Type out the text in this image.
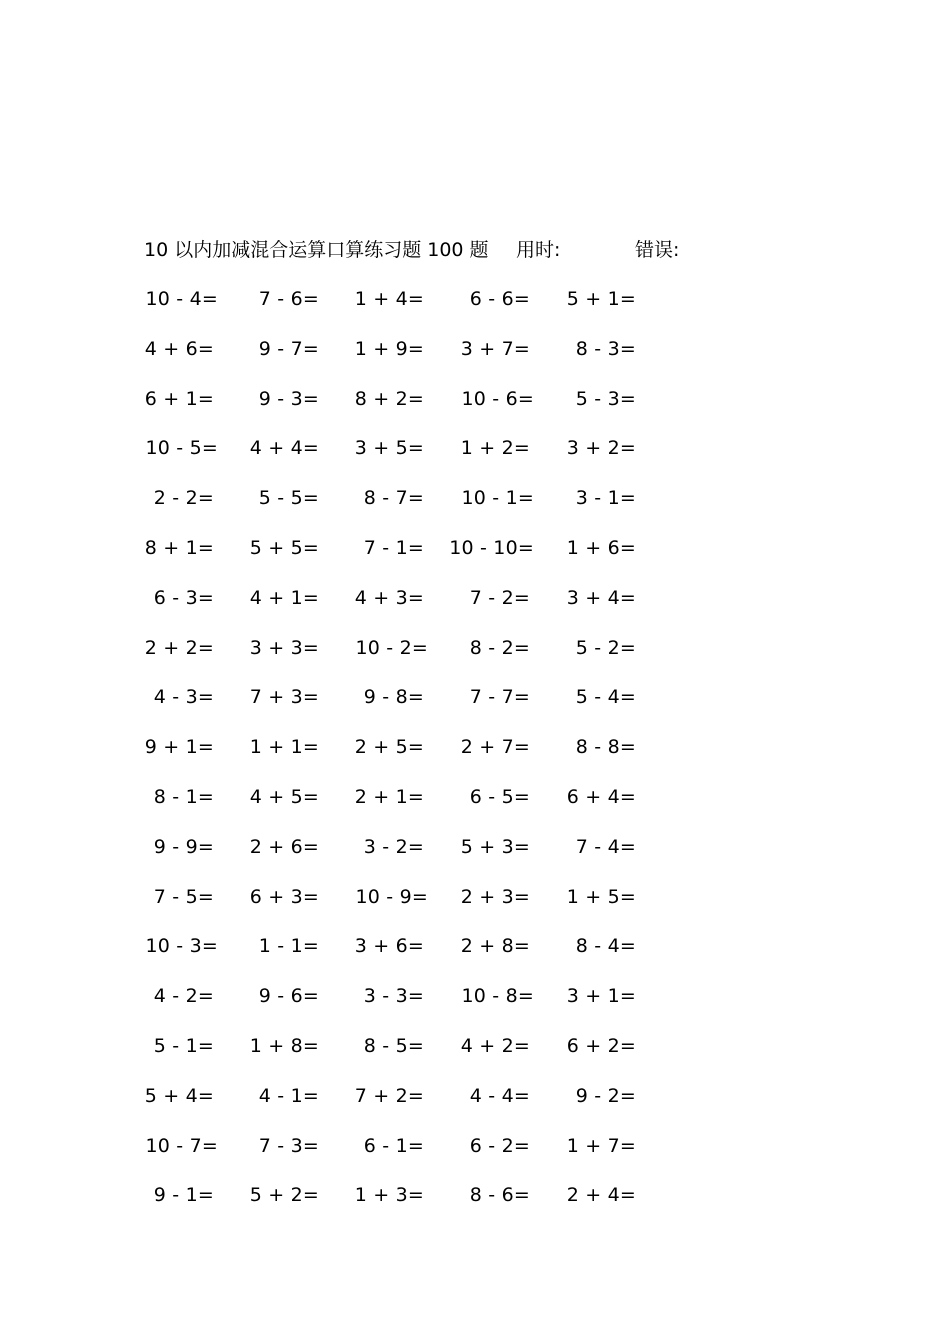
10 以内加减混合运算口算练习题 100 题 用时:	错误:
10 - 4= 7 - 6= 1 + 4= 6 - 6= 5 + 1=
4 + 6= 9 - 7= 1 + 9= 3 + 7= 8 - 3=
6 + 1= 9 - 3= 8 + 2= 10 - 6= 5 - 3=
10 - 5= 4 + 4= 3 + 5= 1 + 2= 3 + 2=
2 - 2= 5 - 5= 8 - 7= 10 - 1= 3 - 1=
8 + 1= 5 + 5= 7 - 1= 10 - 10= 1 + 6=
6 - 3= 4 + 1= 4 + 3= 7 - 2= 3 + 4=
2 + 2= 3 + 3= 10 - 2= 8 - 2= 5 - 2=
4 - 3= 7 + 3= 9 - 8= 7 - 7= 5 - 4=
9 + 1= 1 + 1= 2 + 5= 2 + 7= 8 - 8=
8 - 1= 4 + 5= 2 + 1= 6 - 5= 6 + 4=
9 - 9= 2 + 6= 3 - 2= 5 + 3= 7 - 4=
7 - 5= 6 + 3= 10 - 9= 2 + 3= 1 + 5=
10 - 3= 1 - 1= 3 + 6= 2 + 8= 8 - 4=
4 - 2= 9 - 6= 3 - 3= 10 - 8= 3 + 1=
5 - 1= 1 + 8= 8 - 5= 4 + 2= 6 + 2=
5 + 4= 4 - 1= 7 + 2= 4 - 4= 9 - 2=
10 - 7= 7 - 3= 6 - 1= 6 - 2= 1 + 7=
9 - 1= 5 + 2= 1 + 3= 8 - 6= 2 + 4=
